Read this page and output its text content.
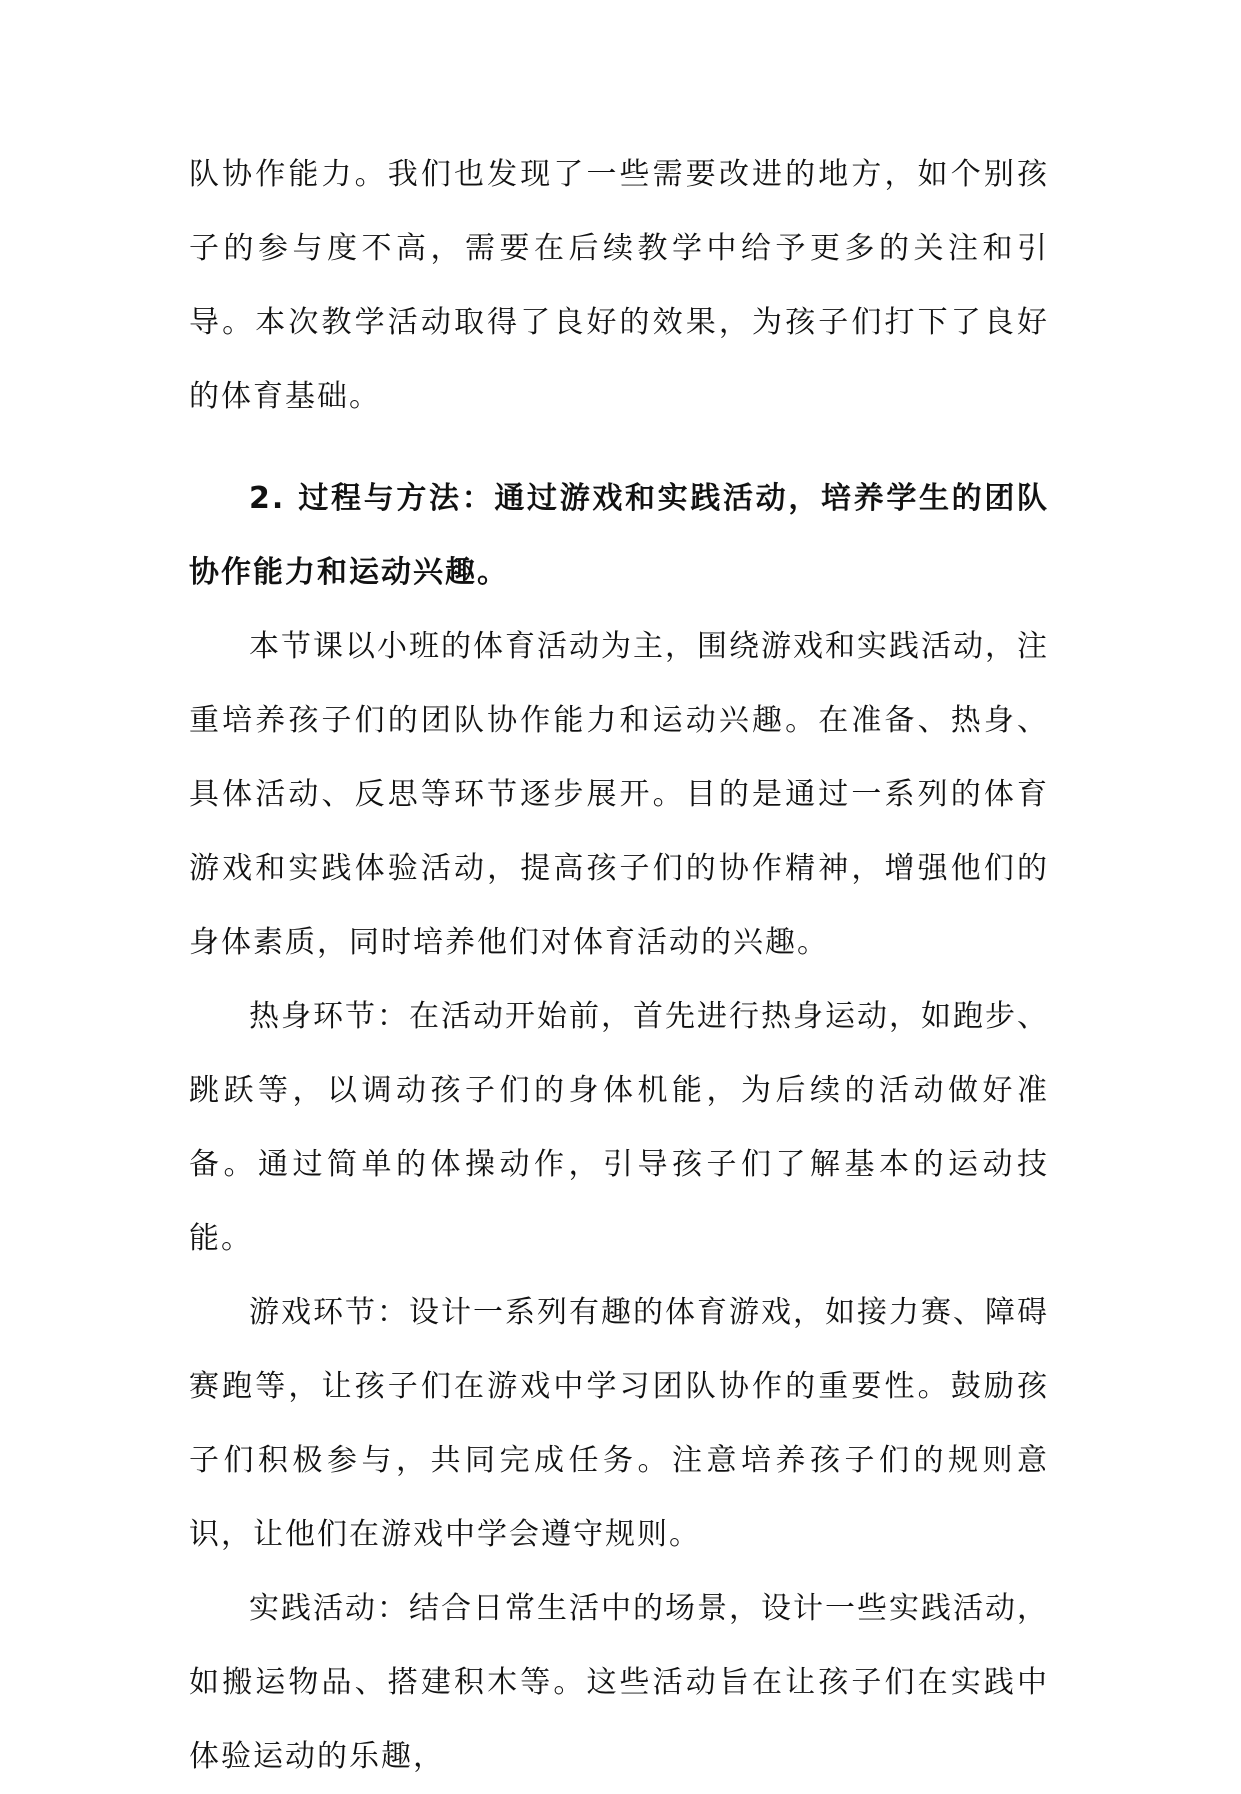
队协作能力。我们也发现了一些需要改进的地方，如个别孩子的参与度不高，需要在后续教学中给予更多的关注和引导。本次教学活动取得了良好的效果，为孩子们打下了良好的体育基础。

2. 过程与方法：通过游戏和实践活动，培养学生的团队协作能力和运动兴趣。

本节课以小班的体育活动为主，围绕游戏和实践活动，注重培养孩子们的团队协作能力和运动兴趣。在准备、热身、具体活动、反思等环节逐步展开。目的是通过一系列的体育游戏和实践体验活动，提高孩子们的协作精神，增强他们的身体素质，同时培养他们对体育活动的兴趣。

热身环节：在活动开始前，首先进行热身运动，如跑步、跳跃等，以调动孩子们的身体机能，为后续的活动做好准备。通过简单的体操动作，引导孩子们了解基本的运动技能。

游戏环节：设计一系列有趣的体育游戏，如接力赛、障碍赛跑等，让孩子们在游戏中学习团队协作的重要性。鼓励孩子们积极参与，共同完成任务。注意培养孩子们的规则意识，让他们在游戏中学会遵守规则。

实践活动：结合日常生活中的场景，设计一些实践活动，如搬运物品、搭建积木等。这些活动旨在让孩子们在实践中体验运动的乐趣，
